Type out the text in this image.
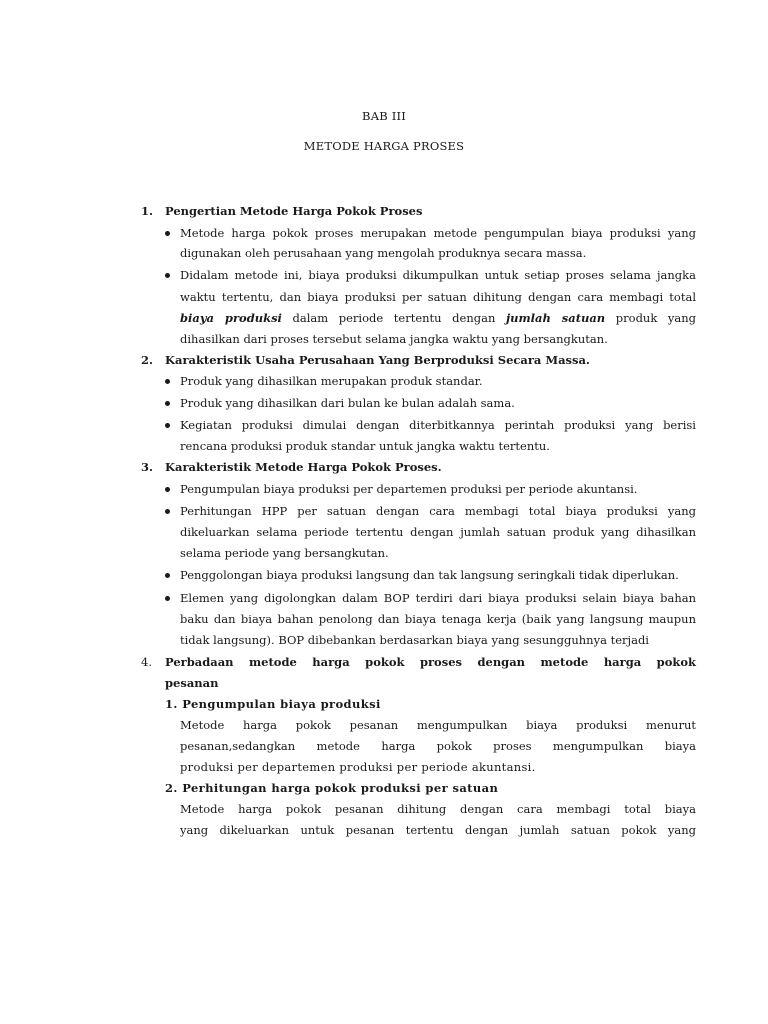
BAB III
METODE HARGA PROSES
1. Pengertian Metode Harga Pokok Proses
Metode harga pokok proses merupakan metode pengumpulan biaya produksi yang
digunakan oleh perusahaan yang mengolah produknya secara massa.
Didalam metode ini, biaya produksi dikumpulkan untuk setiap proses selama jangka
waktu tertentu, dan biaya produksi per satuan dihitung dengan cara membagi total
biaya produksi dalam periode tertentu dengan jumlah satuan produk yang
dihasilkan dari proses tersebut selama jangka waktu yang bersangkutan.
2. Karakteristik Usaha Perusahaan Yang Berproduksi Secara Massa.
Produk yang dihasilkan merupakan produk standar.
Produk yang dihasilkan dari bulan ke bulan adalah sama.
Kegiatan produksi dimulai dengan diterbitkannya perintah produksi yang berisi
rencana produksi produk standar untuk jangka waktu tertentu.
3. Karakteristik Metode Harga Pokok Proses.
Pengumpulan biaya produksi per departemen produksi per periode akuntansi.
Perhitungan HPP per satuan dengan cara membagi total biaya produksi yang
dikeluarkan selama periode tertentu dengan jumlah satuan produk yang dihasilkan
selama periode yang bersangkutan.
Penggolongan biaya produksi langsung dan tak langsung seringkali tidak diperlukan.
Elemen yang digolongkan dalam BOP terdiri dari biaya produksi selain biaya bahan
baku dan biaya bahan penolong dan biaya tenaga kerja (baik yang langsung maupun
tidak langsung). BOP dibebankan berdasarkan biaya yang sesungguhnya terjadi
4. Perbadaan metode harga pokok proses dengan metode harga pokok
pesanan
1. Pengumpulan biaya produksi
Metode harga pokok pesanan mengumpulkan biaya produksi menurut
pesanan,sedangkan metode harga pokok proses mengumpulkan biaya
produksi per departemen produksi per periode akuntansi.
2. Perhitungan harga pokok produksi per satuan
Metode harga pokok pesanan dihitung dengan cara membagi total biaya
yang dikeluarkan untuk pesanan tertentu dengan jumlah satuan pokok yang
